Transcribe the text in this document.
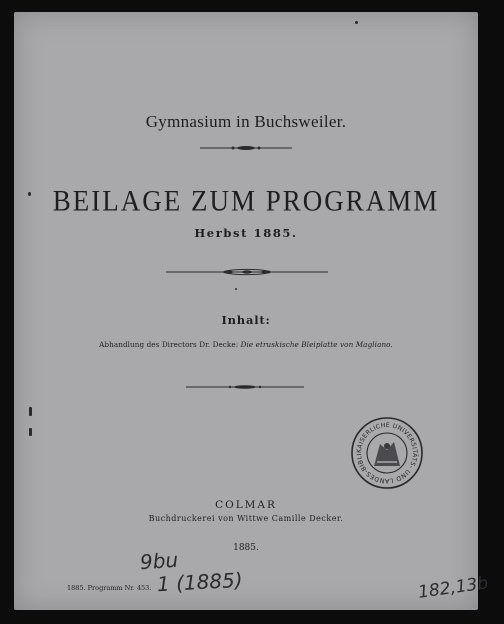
Gymnasium in Buchsweiler.
BEILAGE ZUM PROGRAMM
Herbst 1885.
Inhalt:
Abhandlung des Directors Dr. Decke: Die etruskische Bleiplatte von Magliano.
KAISERLICHE UNIVERSITÄTS- UND LANDES-BIBLI
COLMAR
Buchdruckerei von Wittwe Camille Decker.
1885.
1885. Programm Nr. 453.
9bu
1 (1885)	182,13b
